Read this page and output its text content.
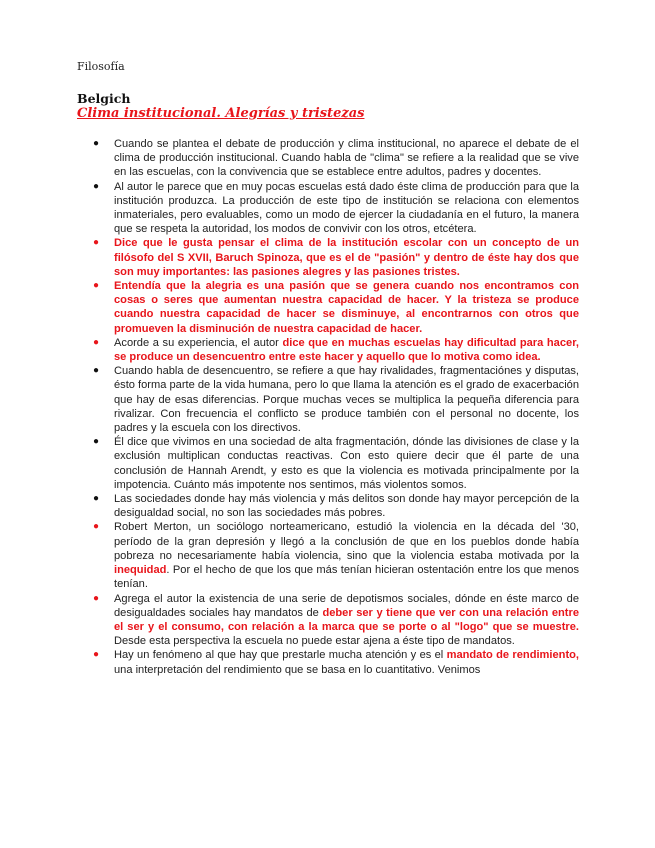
Filosofía
Belgich
Clima institucional. Alegrías y tristezas
● Cuando se plantea el debate de producción y clima institucional, no aparece el debate de el clima de producción institucional. Cuando habla de "clima" se refiere a la realidad que se vive en las escuelas, con la convivencia que se establece entre adultos, padres y docentes.
● Al autor le parece que en muy pocas escuelas está dado éste clima de producción para que la institución produzca. La producción de este tipo de institución se relaciona con elementos inmateriales, pero evaluables, como un modo de ejercer la ciudadanía en el futuro, la manera que se respeta la autoridad, los modos de convivir con los otros, etcétera.
● Dice que le gusta pensar el clima de la institución escolar con un concepto de un filósofo del S XVII, Baruch Spinoza, que es el de "pasión" y dentro de éste hay dos que son muy importantes: las pasiones alegres y las pasiones tristes.
● Entendía que la alegria es una pasión que se genera cuando nos encontramos con cosas o seres que aumentan nuestra capacidad de hacer. Y la tristeza se produce cuando nuestra capacidad de hacer se disminuye, al encontrarnos con otros que promueven la disminución de nuestra capacidad de hacer.
● Acorde a su experiencia, el autor dice que en muchas escuelas hay dificultad para hacer, se produce un desencuentro entre este hacer y aquello que lo motiva como idea.
● Cuando habla de desencuentro, se refiere a que hay rivalidades, fragmentaciónes y disputas, ésto forma parte de la vida humana, pero lo que llama la atención es el grado de exacerbación que hay de esas diferencias. Porque muchas veces se multiplica la pequeña diferencia para rivalizar. Con frecuencia el conflicto se produce también con el personal no docente, los padres y la escuela con los directivos.
● Él dice que vivimos en una sociedad de alta fragmentación, dónde las divisiones de clase y la exclusión multiplican conductas reactivas. Con esto quiere decir que él parte de una conclusión de Hannah Arendt, y esto es que la violencia es motivada principalmente por la impotencia. Cuánto más impotente nos sentimos, más violentos somos.
● Las sociedades donde hay más violencia y más delitos son donde hay mayor percepción de la desigualdad social, no son las sociedades más pobres.
● Robert Merton, un sociólogo norteamericano, estudió la violencia en la década del '30, período de la gran depresión y llegó a la conclusión de que en los pueblos donde había pobreza no necesariamente había violencia, sino que la violencia estaba motivada por la inequidad. Por el hecho de que los que más tenían hicieran ostentación entre los que menos tenían.
● Agrega el autor la existencia de una serie de depotismos sociales, dónde en éste marco de desigualdades sociales hay mandatos de deber ser y tiene que ver con una relación entre el ser y el consumo, con relación a la marca que se porte o al "logo" que se muestre. Desde esta perspectiva la escuela no puede estar ajena a éste tipo de mandatos.
● Hay un fenómeno al que hay que prestarle mucha atención y es el mandato de rendimiento, una interpretación del rendimiento que se basa en lo cuantitativo. Venimos
